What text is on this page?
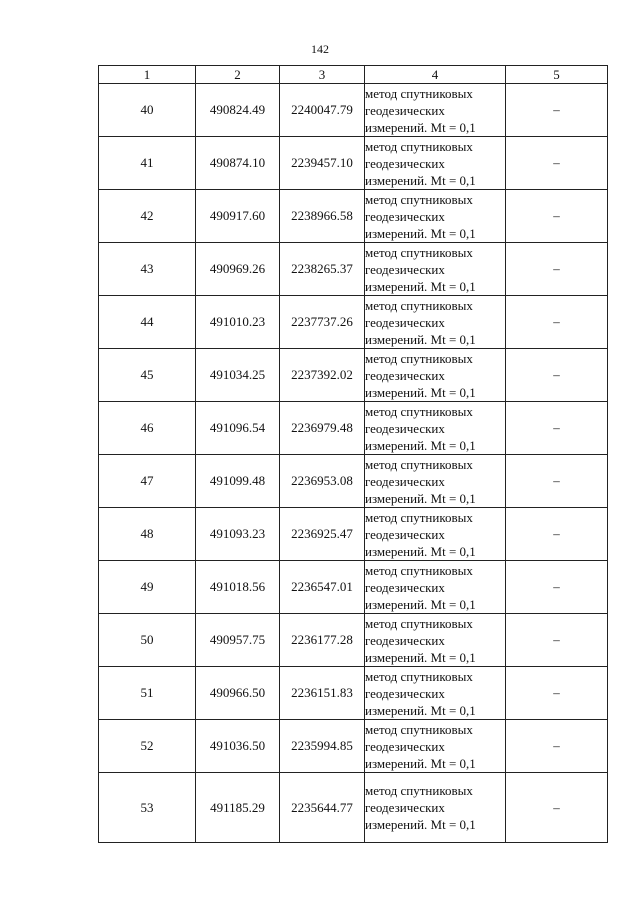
142
1	2	3	4	5
40	490824.49	2240047.79	метод спутниковых
геодезических
измерений. Mt = 0,1	–
41	490874.10	2239457.10	метод спутниковых
геодезических
измерений. Mt = 0,1	–
42	490917.60	2238966.58	метод спутниковых
геодезических
измерений. Mt = 0,1	–
43	490969.26	2238265.37	метод спутниковых
геодезических
измерений. Mt = 0,1	–
44	491010.23	2237737.26	метод спутниковых
геодезических
измерений. Mt = 0,1	–
45	491034.25	2237392.02	метод спутниковых
геодезических
измерений. Mt = 0,1	–
46	491096.54	2236979.48	метод спутниковых
геодезических
измерений. Mt = 0,1	–
47	491099.48	2236953.08	метод спутниковых
геодезических
измерений. Mt = 0,1	–
48	491093.23	2236925.47	метод спутниковых
геодезических
измерений. Mt = 0,1	–
49	491018.56	2236547.01	метод спутниковых
геодезических
измерений. Mt = 0,1	–
50	490957.75	2236177.28	метод спутниковых
геодезических
измерений. Mt = 0,1	–
51	490966.50	2236151.83	метод спутниковых
геодезических
измерений. Mt = 0,1	–
52	491036.50	2235994.85	метод спутниковых
геодезических
измерений. Mt = 0,1	–
53	491185.29	2235644.77	метод спутниковых
геодезических
измерений. Mt = 0,1	–
